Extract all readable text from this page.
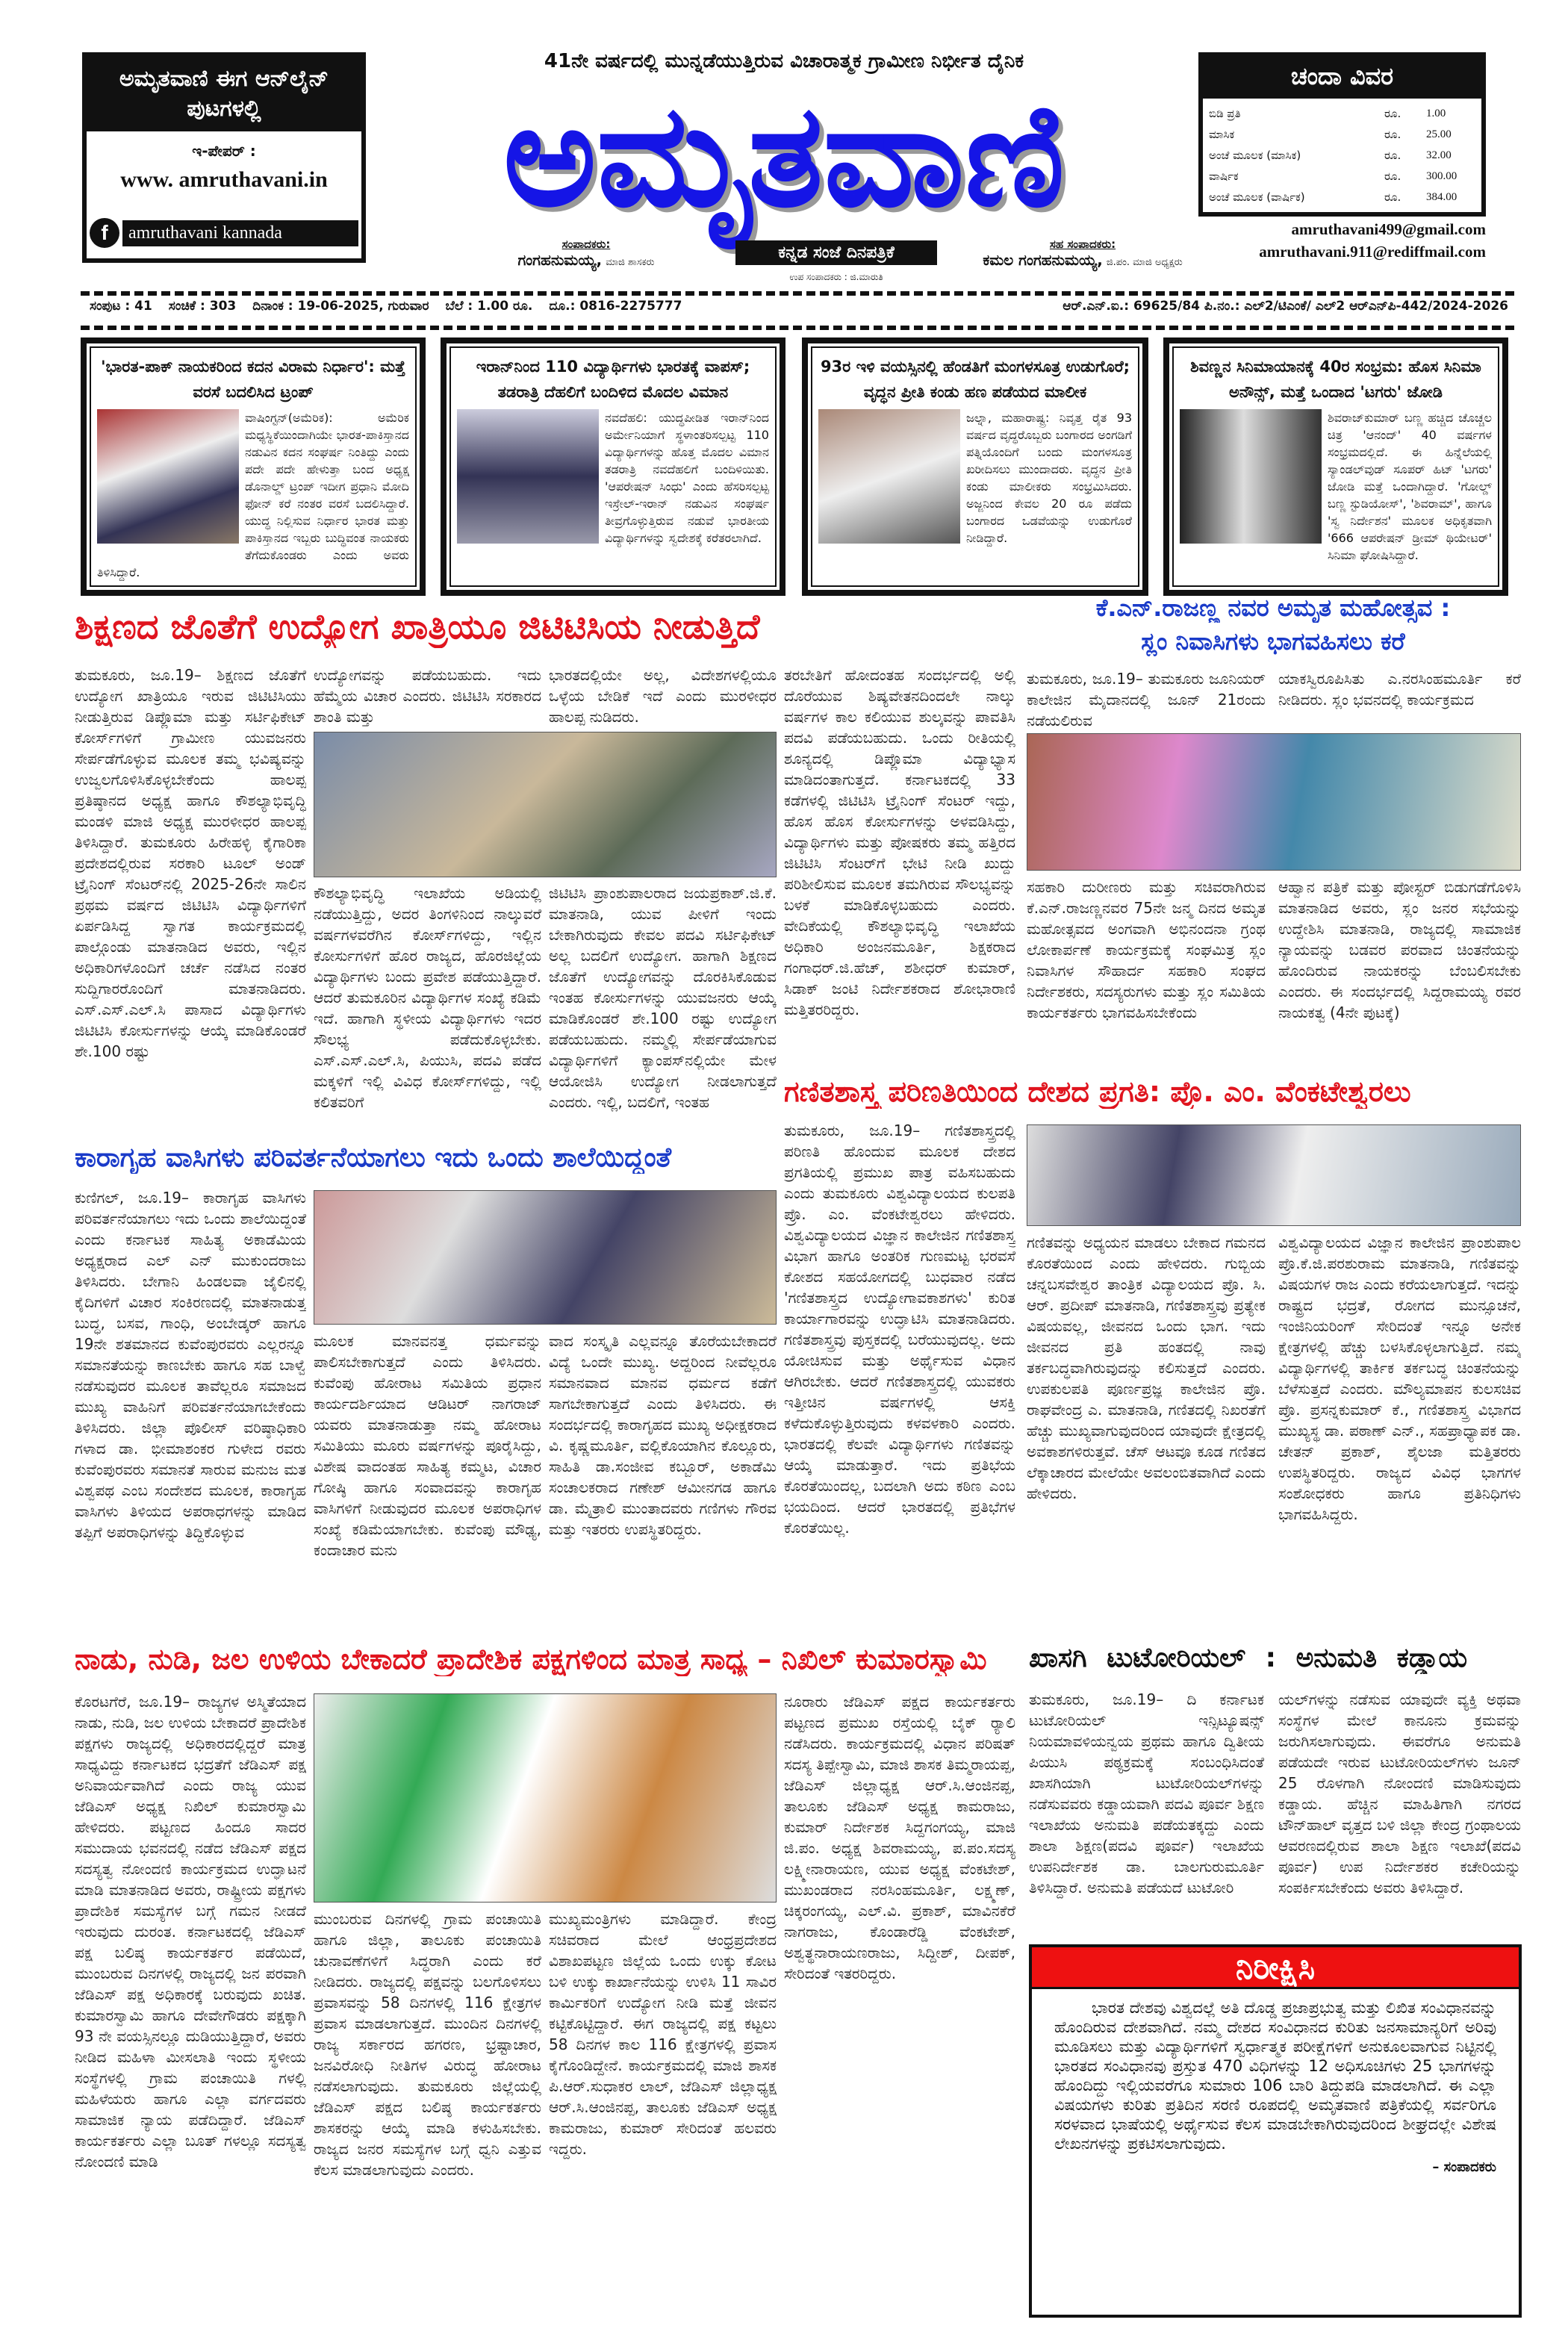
ಅಮೃತವಾಣಿ ಈಗ ಆನ್‌ಲೈನ್ ಪುಟಗಳಲ್ಲಿ
ಇ-ಪೇಪರ್ :
www. amruthavani.in
f	amruthavani kannada
41ನೇ ವರ್ಷದಲ್ಲಿ ಮುನ್ನಡೆಯುತ್ತಿರುವ ವಿಚಾರಾತ್ಮಕ ಗ್ರಾಮೀಣ ನಿರ್ಭೀತ ದೈನಿಕ
ಅಮೃತವಾಣಿ
ಸಂಪಾದಕರು:
ಗಂಗಹನುಮಯ್ಯ, ಮಾಜಿ ಶಾಸಕರು
ಕನ್ನಡ ಸಂಜೆ ದಿನಪತ್ರಿಕೆ
ಉಪ ಸಂಪಾದಕರು : ಜಿ.ಮಾರುತಿ
ಸಹ ಸಂಪಾದಕರು:
ಕಮಲ ಗಂಗಹನುಮಯ್ಯ, ಜಿ.ಪಂ. ಮಾಜಿ ಅಧ್ಯಕ್ಷರು
ಚಂದಾ ವಿವರ
ಬಿಡಿ ಪ್ರತಿ	ರೂ.	1.00
ಮಾಸಿಕ	ರೂ.	25.00
ಅಂಚೆ ಮೂಲಕ (ಮಾಸಿಕ)	ರೂ.	32.00
ವಾರ್ಷಿಕ	ರೂ.	300.00
ಅಂಚೆ ಮೂಲಕ (ವಾರ್ಷಿಕ)	ರೂ.	384.00
amruthavani499@gmail.com
amruthavani.911@rediffmail.com
ಸಂಪುಟ : 41 ಸಂಚಿಕೆ : 303 ದಿನಾಂಕ : 19-06-2025, ಗುರುವಾರ ಬೆಲೆ : 1.00 ರೂ. ದೂ.: 0816-2275777	ಆರ್.ಎನ್.ಐ.: 69625/84 ಪಿ.ನಂ.: ಎಲ್2/ಟಿಎಂಕೆ/ ಎಲ್2 ಆರ್‌ಎನ್‌ಪಿ-442/2024-2026
'ಭಾರತ-ಪಾಕ್ ನಾಯಕರಿಂದ ಕದನ ವಿರಾಮ ನಿರ್ಧಾರ': ಮತ್ತೆ ವರಸೆ ಬದಲಿಸಿದ ಟ್ರಂಪ್
ವಾಷಿಂಗ್ಟನ್(ಅಮೆರಿಕ): ಅಮೆರಿಕ ಮಧ್ಯಸ್ಥಿಕೆಯಿಂದಾಗಿಯೇ ಭಾರತ-ಪಾಕಿಸ್ತಾನದ ನಡುವಿನ ಕದನ ಸಂಘರ್ಷ ನಿಂತಿದ್ದು ಎಂದು ಪದೇ ಪದೇ ಹೇಳುತ್ತಾ ಬಂದ ಅಧ್ಯಕ್ಷ ಡೊನಾಲ್ಡ್ ಟ್ರಂಪ್ ಇದೀಗ ಪ್ರಧಾನಿ ಮೋದಿ ಫೋನ್ ಕರೆ ನಂತರ ವರಸೆ ಬದಲಿಸಿದ್ದಾರೆ. ಯುದ್ಧ ನಿಲ್ಲಿಸುವ ನಿರ್ಧಾರ ಭಾರತ ಮತ್ತು ಪಾಕಿಸ್ತಾನದ ಇಬ್ಬರು ಬುದ್ಧಿವಂತ ನಾಯಕರು ತೆಗೆದುಕೊಂಡರು ಎಂದು ಅವರು ತಿಳಿಸಿದ್ದಾರೆ.
ಇರಾನ್‌ನಿಂದ 110 ವಿದ್ಯಾರ್ಥಿಗಳು ಭಾರತಕ್ಕೆ ವಾಪಸ್; ತಡರಾತ್ರಿ ದೆಹಲಿಗೆ ಬಂದಿಳಿದ ಮೊದಲ ವಿಮಾನ
ನವದೆಹಲಿ: ಯುದ್ಧಪೀಡಿತ ಇರಾನ್‌ನಿಂದ ಅರ್ಮೇನಿಯಾಗೆ ಸ್ಥಳಾಂತರಿಸಲ್ಪಟ್ಟ 110 ವಿದ್ಯಾರ್ಥಿಗಳನ್ನು ಹೊತ್ತ ಮೊದಲ ವಿಮಾನ ತಡರಾತ್ರಿ ನವದೆಹಲಿಗೆ ಬಂದಿಳಿಯಿತು. 'ಆಪರೇಷನ್ ಸಿಂಧು' ಎಂದು ಹೆಸರಿಸಲ್ಪಟ್ಟ ಇಸ್ರೇಲ್-ಇರಾನ್ ನಡುವಿನ ಸಂಘರ್ಷ ತೀವ್ರಗೊಳ್ಳುತ್ತಿರುವ ನಡುವೆ ಭಾರತೀಯ ವಿದ್ಯಾರ್ಥಿಗಳನ್ನು ಸ್ವದೇಶಕ್ಕೆ ಕರೆತರಲಾಗಿದೆ.
93ರ ಇಳಿ ವಯಸ್ಸಿನಲ್ಲಿ ಹೆಂಡತಿಗೆ ಮಂಗಳಸೂತ್ರ ಉಡುಗೊರೆ; ವೃದ್ಧನ ಪ್ರೀತಿ ಕಂಡು ಹಣ ಪಡೆಯದ ಮಾಲೀಕ
ಜಲ್ನಾ, ಮಹಾರಾಷ್ಟ್ರ: ನಿವೃತ್ತ ರೈತ 93 ವರ್ಷದ ವೃದ್ಧರೊಬ್ಬರು ಬಂಗಾರದ ಅಂಗಡಿಗೆ ಪತ್ನಿಯೊಂದಿಗೆ ಬಂದು ಮಂಗಳಸೂತ್ರ ಖರೀದಿಸಲು ಮುಂದಾದರು. ವೃದ್ಧನ ಪ್ರೀತಿ ಕಂಡು ಮಾಲೀಕರು ಸಂಭ್ರಮಿಸಿದರು. ಅಜ್ಜನಿಂದ ಕೇವಲ 20 ರೂ ಪಡೆದು ಬಂಗಾರದ ಒಡವೆಯನ್ನು ಉಡುಗೊರೆ ನೀಡಿದ್ದಾರೆ.
ಶಿವಣ್ಣನ ಸಿನಿಮಾಯಾನಕ್ಕೆ 40ರ ಸಂಭ್ರಮ: ಹೊಸ ಸಿನಿಮಾ ಅನೌನ್ಸ್, ಮತ್ತೆ ಒಂದಾದ 'ಟಗರು' ಜೋಡಿ
ಶಿವರಾಜ್‌ಕುಮಾರ್ ಬಣ್ಣ ಹಚ್ಚಿದ ಚೊಚ್ಚಲ ಚಿತ್ರ 'ಆನಂದ್' 40 ವರ್ಷಗಳ ಸಂಭ್ರಮದಲ್ಲಿದೆ. ಈ ಹಿನ್ನೆಲೆಯಲ್ಲಿ ಸ್ಯಾಂಡಲ್‌ವುಡ್ ಸೂಪರ್ ಹಿಟ್ 'ಟಗರು' ಜೋಡಿ ಮತ್ತೆ ಒಂದಾಗಿದ್ದಾರೆ. 'ಗೋಲ್ಡ್ ಬಣ್ಣ ಸ್ಟುಡಿಯೋಸ್', 'ಶಿವರಾಮ್', ಹಾಗೂ 'ಸ್ವ ನಿರ್ದೇಶನ' ಮೂಲಕ ಅಧಿಕೃತವಾಗಿ '666 ಆಪರೇಷನ್ ಡ್ರೀಮ್ ಥಿಯೇಟರ್' ಸಿನಿಮಾ ಘೋಷಿಸಿದ್ದಾರೆ.
ಶಿಕ್ಷಣದ ಜೊತೆಗೆ ಉದ್ಯೋಗ ಖಾತ್ರಿಯೂ ಜಿಟಿಟಿಸಿಯ ನೀಡುತ್ತಿದೆ
ತುಮಕೂರು, ಜೂ.19– ಶಿಕ್ಷಣದ ಜೊತೆಗೆ ಉದ್ಯೋಗ ಖಾತ್ರಿಯೂ ಇರುವ ಜಿಟಿಟಿಸಿಯು ನೀಡುತ್ತಿರುವ ಡಿಪ್ಲೊಮಾ ಮತ್ತು ಸರ್ಟಿಫಿಕೇಟ್ ಕೋರ್ಸ್‌ಗಳಿಗೆ ಗ್ರಾಮೀಣ ಯುವಜನರು ಸೇರ್ಪಡೆಗೊಳ್ಳುವ ಮೂಲಕ ತಮ್ಮ ಭವಿಷ್ಯವನ್ನು ಉಜ್ವಲಗೊಳಿಸಿಕೊಳ್ಳಬೇಕೆಂದು ಹಾಲಪ್ಪ ಪ್ರತಿಷ್ಠಾನದ ಅಧ್ಯಕ್ಷ ಹಾಗೂ ಕೌಶಲ್ಯಾಭಿವೃದ್ಧಿ ಮಂಡಳಿ ಮಾಜಿ ಅಧ್ಯಕ್ಷ ಮುರಳೀಧರ ಹಾಲಪ್ಪ ತಿಳಿಸಿದ್ದಾರೆ. ತುಮಕೂರು ಹಿರೇಹಳ್ಳಿ ಕೈಗಾರಿಕಾ ಪ್ರದೇಶದಲ್ಲಿರುವ ಸರಕಾರಿ ಟೂಲ್ ಅಂಡ್ ಟ್ರೈನಿಂಗ್ ಸೆಂಟರ್‌ನಲ್ಲಿ 2025-26ನೇ ಸಾಲಿನ ಪ್ರಥಮ ವರ್ಷದ ಜಿಟಿಟಿಸಿ ವಿದ್ಯಾರ್ಥಿಗಳಿಗೆ ಏರ್ಪಡಿಸಿದ್ದ ಸ್ವಾಗತ ಕಾರ್ಯಕ್ರಮದಲ್ಲಿ ಪಾಲ್ಗೊಂಡು ಮಾತನಾಡಿದ ಅವರು, ಇಲ್ಲಿನ ಅಧಿಕಾರಿಗಳೊಂದಿಗೆ ಚರ್ಚೆ ನಡೆಸಿದ ನಂತರ ಸುದ್ದಿಗಾರರೊಂದಿಗೆ ಮಾತನಾಡಿದರು. ಎಸ್.ಎಸ್.ಎಲ್.ಸಿ ಪಾಸಾದ ವಿದ್ಯಾರ್ಥಿಗಳು ಜಿಟಿಟಿಸಿ ಕೋರ್ಸುಗಳನ್ನು ಆಯ್ಕೆ ಮಾಡಿಕೊಂಡರೆ ಶೇ.100 ರಷ್ಟು
ಉದ್ಯೋಗವನ್ನು ಪಡೆಯಬಹುದು. ಇದು ಹೆಮ್ಮೆಯ ವಿಚಾರ ಎಂದರು. ಜಿಟಿಟಿಸಿ ಸರಕಾರದ ಶಾಂತಿ ಮತ್ತು
ಭಾರತದಲ್ಲಿಯೇ ಅಲ್ಲ, ವಿದೇಶಗಳಲ್ಲಿಯೂ ಒಳ್ಳೆಯ ಬೇಡಿಕೆ ಇದೆ ಎಂದು ಮುರಳೀಧರ ಹಾಲಪ್ಪ ನುಡಿದರು.
ಕೌಶಲ್ಯಾಭಿವೃದ್ಧಿ ಇಲಾಖೆಯ ಅಡಿಯಲ್ಲಿ ನಡೆಯುತ್ತಿದ್ದು, ಅದರ ತಿಂಗಳಿನಿಂದ ನಾಲ್ಕುವರೆ ವರ್ಷಗಳವರೆಗಿನ ಕೋರ್ಸ್‌ಗಳಿದ್ದು, ಇಲ್ಲಿನ ಕೋರ್ಸುಗಳಿಗೆ ಹೊರ ರಾಜ್ಯದ, ಹೊರಜಿಲ್ಲೆಯ ವಿದ್ಯಾರ್ಥಿಗಳು ಬಂದು ಪ್ರವೇಶ ಪಡೆಯುತ್ತಿದ್ದಾರೆ. ಆದರೆ ತುಮಕೂರಿನ ವಿದ್ಯಾರ್ಥಿಗಳ ಸಂಖ್ಯೆ ಕಡಿಮೆ ಇದೆ. ಹಾಗಾಗಿ ಸ್ಥಳೀಯ ವಿದ್ಯಾರ್ಥಿಗಳು ಇದರ ಸೌಲಭ್ಯ ಪಡೆದುಕೊಳ್ಳಬೇಕು. ಎಸ್.ಎಸ್.ಎಲ್.ಸಿ, ಪಿಯುಸಿ, ಪದವಿ ಪಡೆದ ಮಕ್ಕಳಿಗೆ ಇಲ್ಲಿ ವಿವಿಧ ಕೋರ್ಸ್‌ಗಳಿದ್ದು, ಇಲ್ಲಿ ಕಲಿತವರಿಗೆ
ಜಿಟಿಟಿಸಿ ಪ್ರಾಂಶುಪಾಲರಾದ ಜಯಪ್ರಕಾಶ್.ಜಿ.ಕೆ. ಮಾತನಾಡಿ, ಯುವ ಪೀಳಿಗೆ ಇಂದು ಬೇಕಾಗಿರುವುದು ಕೇವಲ ಪದವಿ ಸರ್ಟಿಫಿಕೇಟ್ ಅಲ್ಲ ಬದಲಿಗೆ ಉದ್ಯೋಗ. ಹಾಗಾಗಿ ಶಿಕ್ಷಣದ ಜೊತೆಗೆ ಉದ್ಯೋಗವನ್ನು ದೊರಕಿಸಿಕೊಡುವ ಇಂತಹ ಕೋರ್ಸುಗಳನ್ನು ಯುವಜನರು ಆಯ್ಕೆ ಮಾಡಿಕೊಂಡರೆ ಶೇ.100 ರಷ್ಟು ಉದ್ಯೋಗ ಪಡೆಯಬಹುದು. ನಮ್ಮಲ್ಲಿ ಸೇರ್ಪಡೆಯಾಗುವ ವಿದ್ಯಾರ್ಥಿಗಳಿಗೆ ಕ್ಯಾಂಪಸ್‌ನಲ್ಲಿಯೇ ಮೇಳ ಆಯೋಜಿಸಿ ಉದ್ಯೋಗ ನೀಡಲಾಗುತ್ತದೆ ಎಂದರು. ಇಲ್ಲಿ, ಬದಲಿಗೆ, ಇಂತಹ
ತರಬೇತಿಗೆ ಹೋದಂತಹ ಸಂದರ್ಭದಲ್ಲಿ ಅಲ್ಲಿ ದೊರೆಯುವ ಶಿಷ್ಯವೇತನದಿಂದಲೇ ನಾಲ್ಕು ವರ್ಷಗಳ ಕಾಲ ಕಲಿಯುವ ಶುಲ್ಕವನ್ನು ಪಾವತಿಸಿ ಪದವಿ ಪಡೆಯಬಹುದು. ಒಂದು ರೀತಿಯಲ್ಲಿ ಶೂನ್ಯದಲ್ಲಿ ಡಿಪ್ಲೊಮಾ ವಿದ್ಯಾಭ್ಯಾಸ ಮಾಡಿದಂತಾಗುತ್ತದೆ. ಕರ್ನಾಟಕದಲ್ಲಿ 33 ಕಡೆಗಳಲ್ಲಿ ಜಿಟಿಟಿಸಿ ಟ್ರೈನಿಂಗ್ ಸೆಂಟರ್ ಇದ್ದು, ಹೊಸ ಹೊಸ ಕೋರ್ಸುಗಳನ್ನು ಅಳವಡಿಸಿದ್ದು, ವಿದ್ಯಾರ್ಥಿಗಳು ಮತ್ತು ಪೋಷಕರು ತಮ್ಮ ಹತ್ತಿರದ ಜಿಟಿಟಿಸಿ ಸೆಂಟರ್‌ಗೆ ಭೇಟಿ ನೀಡಿ ಖುದ್ದು ಪರಿಶೀಲಿಸುವ ಮೂಲಕ ತಮಗಿರುವ ಸೌಲಭ್ಯವನ್ನು ಬಳಕೆ ಮಾಡಿಕೊಳ್ಳಬಹುದು ಎಂದರು. ವೇದಿಕೆಯಲ್ಲಿ ಕೌಶಲ್ಯಾಭಿವೃದ್ಧಿ ಇಲಾಖೆಯ ಅಧಿಕಾರಿ ಅಂಜನಮೂರ್ತಿ, ಶಿಕ್ಷಕರಾದ ಗಂಗಾಧರ್.ಜಿ.ಹೆಚ್, ಶಶೀಧರ್ ಕುಮಾರ್, ಸಿಡಾಕ್ ಜಂಟಿ ನಿರ್ದೇಶಕರಾದ ಶೋಭಾರಾಣಿ ಮತ್ತಿತರರಿದ್ದರು.
ಕಾರಾಗೃಹ ವಾಸಿಗಳು ಪರಿವರ್ತನೆಯಾಗಲು ಇದು ಒಂದು ಶಾಲೆಯಿದ್ದಂತೆ
ಕುಣಿಗಲ್, ಜೂ.19– ಕಾರಾಗೃಹ ವಾಸಿಗಳು ಪರಿವರ್ತನೆಯಾಗಲು ಇದು ಒಂದು ಶಾಲೆಯಿದ್ದಂತೆ ಎಂದು ಕರ್ನಾಟಕ ಸಾಹಿತ್ಯ ಅಕಾಡೆಮಿಯ ಅಧ್ಯಕ್ಷರಾದ ಎಲ್ ಎನ್ ಮುಕುಂದರಾಜು ತಿಳಿಸಿದರು. ಬೇಗಾನಿ ಹಿಂಡಲವಾ ಜೈಲಿನಲ್ಲಿ ಕೈದಿಗಳಿಗೆ ವಿಚಾರ ಸಂಕಿರಣದಲ್ಲಿ ಮಾತನಾಡುತ್ತ ಬುದ್ಧ, ಬಸವ, ಗಾಂಧಿ, ಅಂಬೇಡ್ಕರ್ ಹಾಗೂ 19ನೇ ಶತಮಾನದ ಕುವೆಂಪುರವರು ಎಲ್ಲರನ್ನೂ ಸಮಾನತೆಯನ್ನು ಕಾಣಬೇಕು ಹಾಗೂ ಸಹ ಬಾಳ್ವೆ ನಡೆಸುವುದರ ಮೂಲಕ ತಾವೆಲ್ಲರೂ ಸಮಾಜದ ಮುಖ್ಯ ವಾಹಿನಿಗೆ ಪರಿವರ್ತನೆಯಾಗಬೇಕೆಂದು ತಿಳಿಸಿದರು. ಜಿಲ್ಲಾ ಪೊಲೀಸ್ ವರಿಷ್ಠಾಧಿಕಾರಿ ಗಳಾದ ಡಾ. ಭೀಮಾಶಂಕರ ಗುಳೇದ ರವರು ಕುವೆಂಪುರವರು ಸಮಾನತೆ ಸಾರುವ ಮನುಜ ಮತ ವಿಶ್ವಪಥ ಎಂಬ ಸಂದೇಶದ ಮೂಲಕ, ಕಾರಾಗೃಹ ವಾಸಿಗಳು ತಿಳಿಯದ ಅಪರಾಧಗಳನ್ನು ಮಾಡಿದ ತಪ್ಪಿಗೆ ಅಪರಾಧಿಗಳನ್ನು ತಿದ್ದಿಕೊಳ್ಳುವ
ಮೂಲಕ ಮಾನವನತ್ತ ಧರ್ಮವನ್ನು ಪಾಲಿಸಬೇಕಾಗುತ್ತದೆ ಎಂದು ತಿಳಿಸಿದರು. ಕುವೆಂಪು ಹೋರಾಟ ಸಮಿತಿಯ ಪ್ರಧಾನ ಕಾರ್ಯದರ್ಶಿಯಾದ ಆಡಿಟರ್ ನಾಗರಾಜ್ ಯವರು ಮಾತನಾಡುತ್ತಾ ನಮ್ಮ ಹೋರಾಟ ಸಮಿತಿಯು ಮೂರು ವರ್ಷಗಳನ್ನು ಪೂರೈಸಿದ್ದು, ವಿಶೇಷ ವಾದಂತಹ ಸಾಹಿತ್ಯ ಕಮ್ಮಟ, ವಿಚಾರ ಗೋಷ್ಠಿ ಹಾಗೂ ಸಂವಾದವನ್ನು ಕಾರಾಗೃಹ ವಾಸಿಗಳಿಗೆ ನೀಡುವುದರ ಮೂಲಕ ಅಪರಾಧಿಗಳ ಸಂಖ್ಯೆ ಕಡಿಮೆಯಾಗಬೇಕು. ಕುವೆಂಪು ಮೌಢ್ಯ, ಕಂದಾಚಾರ ಮನು
ವಾದ ಸಂಸ್ಕೃತಿ ಎಲ್ಲವನ್ನೂ ತೊರೆಯಬೇಕಾದರೆ ವಿದ್ಯೆ ಒಂದೇ ಮುಖ್ಯ. ಅದ್ದರಿಂದ ನೀವೆಲ್ಲರೂ ಸಮಾನವಾದ ಮಾನವ ಧರ್ಮದ ಕಡೆಗೆ ಸಾಗಬೇಕಾಗುತ್ತದೆ ಎಂದು ತಿಳಿಸಿದರು. ಈ ಸಂದರ್ಭದಲ್ಲಿ ಕಾರಾಗೃಹದ ಮುಖ್ಯ ಅಧೀಕ್ಷಕರಾದ ವಿ. ಕೃಷ್ಣಮೂರ್ತಿ, ವಲ್ಲಿಕೊಯಾಗಿನ ಕೊಲ್ಲೂರು, ಸಾಹಿತಿ ಡಾ.ಸಂಜೀವ ಕಬ್ಬೂರ್, ಅಕಾಡೆಮಿ ಸಂಚಾಲಕರಾದ ಗಣೇಶ್ ಆಮೀನಗಡ ಹಾಗೂ ಡಾ. ಮೈತ್ರಾಲಿ ಮುಂತಾದವರು ಗಣಿಗಳು ಗೌರವ ಮತ್ತು ಇತರರು ಉಪಸ್ಥಿತರಿದ್ದರು.
ಕೆ.ಎನ್.ರಾಜಣ್ಣ ನವರ ಅಮೃತ ಮಹೋತ್ಸವ :
ಸ್ಲಂ ನಿವಾಸಿಗಳು ಭಾಗವಹಿಸಲು ಕರೆ
ತುಮಕೂರು, ಜೂ.19– ತುಮಕೂರು ಜೂನಿಯರ್ ಕಾಲೇಜಿನ ಮೈದಾನದಲ್ಲಿ ಜೂನ್ 21ರಂದು ನಡೆಯಲಿರುವ
ಯಾಕಸ್ವಿರೂಪಿಸಿತು ಎ.ನರಸಿಂಹಮೂರ್ತಿ ಕರೆ ನೀಡಿದರು. ಸ್ಲಂ ಭವನದಲ್ಲಿ ಕಾರ್ಯಕ್ರಮದ
ಸಹಕಾರಿ ದುರೀಣರು ಮತ್ತು ಸಚಿವರಾಗಿರುವ ಕೆ.ಎನ್.ರಾಜಣ್ಣನವರ 75ನೇ ಜನ್ಮ ದಿನದ ಅಮೃತ ಮಹೋತ್ಸವದ ಅಂಗವಾಗಿ ಅಭಿನಂದನಾ ಗ್ರಂಥ ಲೋಕಾರ್ಪಣೆ ಕಾರ್ಯಕ್ರಮಕ್ಕೆ ಸಂಘಮಿತ್ರ ಸ್ಲಂ ನಿವಾಸಿಗಳ ಸೌಹಾರ್ದ ಸಹಕಾರಿ ಸಂಘದ ನಿರ್ದೇಶಕರು, ಸದಸ್ಯರುಗಳು ಮತ್ತು ಸ್ಲಂ ಸಮಿತಿಯ ಕಾರ್ಯಕರ್ತರು ಭಾಗವಹಿಸಬೇಕೆಂದು
ಆಹ್ವಾನ ಪತ್ರಿಕೆ ಮತ್ತು ಪೋಸ್ಟರ್ ಬಿಡುಗಡೆಗೊಳಿಸಿ ಮಾತನಾಡಿದ ಅವರು, ಸ್ಲಂ ಜನರ ಸಭೆಯನ್ನು ಉದ್ದೇಶಿಸಿ ಮಾತನಾಡಿ, ರಾಜ್ಯದಲ್ಲಿ ಸಾಮಾಜಿಕ ನ್ಯಾಯವನ್ನು ಬಡವರ ಪರವಾದ ಚಿಂತನೆಯನ್ನು ಹೊಂದಿರುವ ನಾಯಕರನ್ನು ಬೆಂಬಲಿಸಬೇಕು ಎಂದರು. ಈ ಸಂದರ್ಭದಲ್ಲಿ ಸಿದ್ದರಾಮಯ್ಯ ರವರ ನಾಯಕತ್ವ (4ನೇ ಪುಟಕ್ಕೆ)
ಗಣಿತಶಾಸ್ತ್ರ ಪರಿಣತಿಯಿಂದ ದೇಶದ ಪ್ರಗತಿ: ಪ್ರೊ. ಎಂ. ವೆಂಕಟೇಶ್ವರಲು
ತುಮಕೂರು, ಜೂ.19– ಗಣಿತಶಾಸ್ತ್ರದಲ್ಲಿ ಪರಿಣತಿ ಹೊಂದುವ ಮೂಲಕ ದೇಶದ ಪ್ರಗತಿಯಲ್ಲಿ ಪ್ರಮುಖ ಪಾತ್ರ ವಹಿಸಬಹುದು ಎಂದು ತುಮಕೂರು ವಿಶ್ವವಿದ್ಯಾಲಯದ ಕುಲಪತಿ ಪ್ರೊ. ಎಂ. ವೆಂಕಟೇಶ್ವರಲು ಹೇಳಿದರು. ವಿಶ್ವವಿದ್ಯಾಲಯದ ವಿಜ್ಞಾನ ಕಾಲೇಜಿನ ಗಣಿತಶಾಸ್ತ್ರ ವಿಭಾಗ ಹಾಗೂ ಅಂತರಿಕ ಗುಣಮಟ್ಟ ಭರವಸೆ ಕೋಶದ ಸಹಯೋಗದಲ್ಲಿ ಬುಧವಾರ ನಡೆದ 'ಗಣಿತಶಾಸ್ತ್ರದ ಉದ್ಯೋಗಾವಕಾಶಗಳು' ಕುರಿತ ಕಾರ್ಯಾಗಾರವನ್ನು ಉದ್ಘಾಟಿಸಿ ಮಾತನಾಡಿದರು. ಗಣಿತಶಾಸ್ತ್ರವು ಪುಸ್ತಕದಲ್ಲಿ ಬರೆಯುವುದಲ್ಲ. ಅದು ಯೋಚಿಸುವ ಮತ್ತು ಅರ್ಥೈಸುವ ವಿಧಾನ ಆಗಿರಬೇಕು. ಆದರೆ ಗಣಿತಶಾಸ್ತ್ರದಲ್ಲಿ ಯುವಕರು ಇತ್ತೀಚಿನ ವರ್ಷಗಳಲ್ಲಿ ಆಸಕ್ತಿ ಕಳೆದುಕೊಳ್ಳುತ್ತಿರುವುದು ಕಳವಳಕಾರಿ ಎಂದರು. ಭಾರತದಲ್ಲಿ ಕೆಲವೇ ವಿದ್ಯಾರ್ಥಿಗಳು ಗಣಿತವನ್ನು ಆಯ್ಕೆ ಮಾಡುತ್ತಾರೆ. ಇದು ಪ್ರತಿಭೆಯ ಕೊರತೆಯಿಂದಲ್ಲ, ಬದಲಾಗಿ ಅದು ಕಠಿಣ ಎಂಬ ಭಯದಿಂದ. ಆದರೆ ಭಾರತದಲ್ಲಿ ಪ್ರತಿಭೆಗಳ ಕೊರತೆಯಿಲ್ಲ.
ಗಣಿತವನ್ನು ಅಧ್ಯಯನ ಮಾಡಲು ಬೇಕಾದ ಗಮನದ ಕೊರತೆಯಿಂದ ಎಂದು ಹೇಳಿದರು. ಗುಬ್ಬಿಯ ಚನ್ನಬಸವೇಶ್ವರ ತಾಂತ್ರಿಕ ವಿದ್ಯಾಲಯದ ಪ್ರೊ. ಸಿ. ಆರ್. ಪ್ರದೀಪ್ ಮಾತನಾಡಿ, ಗಣಿತಶಾಸ್ತ್ರವು ಪ್ರತ್ಯೇಕ ವಿಷಯವಲ್ಲ, ಜೀವನದ ಒಂದು ಭಾಗ. ಇದು ಜೀವನದ ಪ್ರತಿ ಹಂತದಲ್ಲಿ ನಾವು ತರ್ಕಬದ್ಧವಾಗಿರುವುದನ್ನು ಕಲಿಸುತ್ತದೆ ಎಂದರು. ಉಪಕುಲಪತಿ ಪೂರ್ಣಪ್ರಜ್ಞ ಕಾಲೇಜಿನ ಪ್ರೊ. ರಾಘವೇಂದ್ರ ಎ. ಮಾತನಾಡಿ, ಗಣಿತದಲ್ಲಿ ನಿಖರತೆಗೆ ಹೆಚ್ಚು ಮುಖ್ಯವಾಗುವುದರಿಂದ ಯಾವುದೇ ಕ್ಷೇತ್ರದಲ್ಲಿ ಅವಕಾಶಗಳಿರುತ್ತವೆ. ಚೆಸ್ ಆಟವೂ ಕೂಡ ಗಣಿತದ ಲೆಕ್ಕಾಚಾರದ ಮೇಲೆಯೇ ಅವಲಂಬಿತವಾಗಿದೆ ಎಂದು ಹೇಳಿದರು.
ವಿಶ್ವವಿದ್ಯಾಲಯದ ವಿಜ್ಞಾನ ಕಾಲೇಜಿನ ಪ್ರಾಂಶುಪಾಲ ಪ್ರೊ.ಕೆ.ಜಿ.ಪರಶುರಾಮ ಮಾತನಾಡಿ, ಗಣಿತವನ್ನು ವಿಷಯಗಳ ರಾಜ ಎಂದು ಕರೆಯಲಾಗುತ್ತದೆ. ಇದನ್ನು ರಾಷ್ಟ್ರದ ಭದ್ರತೆ, ರೋಗದ ಮುನ್ಸೂಚನೆ, ಇಂಜಿನಿಯರಿಂಗ್ ಸೇರಿದಂತೆ ಇನ್ನೂ ಅನೇಕ ಕ್ಷೇತ್ರಗಳಲ್ಲಿ ಹೆಚ್ಚು ಬಳಸಿಕೊಳ್ಳಲಾಗುತ್ತಿದೆ. ನಮ್ಮ ವಿದ್ಯಾರ್ಥಿಗಳಲ್ಲಿ ತಾರ್ಕಿಕ ತರ್ಕಬದ್ಧ ಚಿಂತನೆಯನ್ನು ಬೆಳೆಸುತ್ತದೆ ಎಂದರು. ಮೌಲ್ಯಮಾಪನ ಕುಲಸಚಿವ ಪ್ರೊ. ಪ್ರಸನ್ನಕುಮಾರ್ ಕೆ., ಗಣಿತಶಾಸ್ತ್ರ ವಿಭಾಗದ ಮುಖ್ಯಸ್ಥ ಡಾ. ಪಠಾಣ್ ಎನ್., ಸಹಪ್ರಾಧ್ಯಾಪಕ ಡಾ. ಚೇತನ್ ಪ್ರಕಾಶ್, ಶೈಲಜಾ ಮತ್ತಿತರರು ಉಪಸ್ಥಿತರಿದ್ದರು. ರಾಜ್ಯದ ವಿವಿಧ ಭಾಗಗಳ ಸಂಶೋಧಕರು ಹಾಗೂ ಪ್ರತಿನಿಧಿಗಳು ಭಾಗವಹಿಸಿದ್ದರು.
ನಾಡು, ನುಡಿ, ಜಲ ಉಳಿಯ ಬೇಕಾದರೆ ಪ್ರಾದೇಶಿಕ ಪಕ್ಷಗಳಿಂದ ಮಾತ್ರ ಸಾಧ್ಯ – ನಿಖಿಲ್ ಕುಮಾರಸ್ವಾಮಿ
ಕೊರಟಗೆರೆ, ಜೂ.19– ರಾಜ್ಯಗಳ ಅಸ್ಮಿತೆಯಾದ ನಾಡು, ನುಡಿ, ಜಲ ಉಳಿಯ ಬೇಕಾದರೆ ಪ್ರಾದೇಶಿಕ ಪಕ್ಷಗಳು ರಾಜ್ಯದಲ್ಲಿ ಅಧಿಕಾರದಲ್ಲಿದ್ದರೆ ಮಾತ್ರ ಸಾಧ್ಯವಿದ್ದು ಕರ್ನಾಟಕದ ಭದ್ರತೆಗೆ ಜೆಡಿಎಸ್ ಪಕ್ಷ ಅನಿವಾರ್ಯವಾಗಿದೆ ಎಂದು ರಾಜ್ಯ ಯುವ ಜೆಡಿಎಸ್ ಅಧ್ಯಕ್ಷ ನಿಖಿಲ್ ಕುಮಾರಸ್ವಾಮಿ ಹೇಳಿದರು. ಪಟ್ಟಣದ ಹಿಂದೂ ಸಾದರ ಸಮುದಾಯ ಭವನದಲ್ಲಿ ನಡೆದ ಜೆಡಿಎಸ್ ಪಕ್ಷದ ಸದಸ್ಯತ್ವ ನೋಂದಣಿ ಕಾರ್ಯಕ್ರಮದ ಉದ್ಘಾಟನೆ ಮಾಡಿ ಮಾತನಾಡಿದ ಅವರು, ರಾಷ್ಟ್ರೀಯ ಪಕ್ಷಗಳು ಪ್ರಾದೇಶಿಕ ಸಮಸ್ಯೆಗಳ ಬಗ್ಗೆ ಗಮನ ನೀಡದೆ ಇರುವುದು ದುರಂತ. ಕರ್ನಾಟಕದಲ್ಲಿ ಜೆಡಿಎಸ್ ಪಕ್ಷ ಬಲಿಷ್ಠ ಕಾರ್ಯಕರ್ತರ ಪಡೆಯಿದೆ, ಮುಂಬರುವ ದಿನಗಳಲ್ಲಿ ರಾಜ್ಯದಲ್ಲಿ ಜನ ಪರವಾಗಿ ಜೆಡಿಎಸ್ ಪಕ್ಷ ಅಧಿಕಾರಕ್ಕೆ ಬರುವುದು ಖಚಿತ. ಕುಮಾರಸ್ವಾಮಿ ಹಾಗೂ ದೇವೇಗೌಡರು ಪಕ್ಷಕ್ಕಾಗಿ 93 ನೇ ವಯಸ್ಸಿನಲ್ಲೂ ದುಡಿಯುತ್ತಿದ್ದಾರೆ, ಅವರು ನೀಡಿದ ಮಹಿಳಾ ಮೀಸಲಾತಿ ಇಂದು ಸ್ಥಳೀಯ ಸಂಸ್ಥೆಗಳಲ್ಲಿ ಗ್ರಾಮ ಪಂಚಾಯಿತಿ ಗಳಲ್ಲಿ ಮಹಿಳೆಯರು ಹಾಗೂ ಎಲ್ಲಾ ವರ್ಗದವರು ಸಾಮಾಜಿಕ ನ್ಯಾಯ ಪಡೆದಿದ್ದಾರೆ. ಜೆಡಿಎಸ್ ಕಾರ್ಯಕರ್ತರು ಎಲ್ಲಾ ಬೂತ್ ಗಳಲ್ಲೂ ಸದಸ್ಯತ್ವ ನೋಂದಣಿ ಮಾಡಿ
ಮುಂಬರುವ ದಿನಗಳಲ್ಲಿ ಗ್ರಾಮ ಪಂಚಾಯಿತಿ ಹಾಗೂ ಜಿಲ್ಲಾ, ತಾಲೂಕು ಪಂಚಾಯಿತಿ ಚುನಾವಣೆಗಳಿಗೆ ಸಿದ್ಧರಾಗಿ ಎಂದು ಕರೆ ನೀಡಿದರು. ರಾಜ್ಯದಲ್ಲಿ ಪಕ್ಷವನ್ನು ಬಲಗೊಳಿಸಲು ಪ್ರವಾಸವನ್ನು 58 ದಿನಗಳಲ್ಲಿ 116 ಕ್ಷೇತ್ರಗಳ ಪ್ರವಾಸ ಮಾಡಲಾಗುತ್ತದೆ. ಮುಂದಿನ ದಿನಗಳಲ್ಲಿ ರಾಜ್ಯ ಸರ್ಕಾರದ ಹಗರಣ, ಭ್ರಷ್ಟಾಚಾರ, ಜನವಿರೋಧಿ ನೀತಿಗಳ ವಿರುದ್ಧ ಹೋರಾಟ ನಡೆಸಲಾಗುವುದು. ತುಮಕೂರು ಜಿಲ್ಲೆಯಲ್ಲಿ ಜೆಡಿಎಸ್ ಪಕ್ಷದ ಬಲಿಷ್ಠ ಕಾರ್ಯಕರ್ತರು ಶಾಸಕರನ್ನು ಆಯ್ಕೆ ಮಾಡಿ ಕಳುಹಿಸಬೇಕು. ರಾಜ್ಯದ ಜನರ ಸಮಸ್ಯೆಗಳ ಬಗ್ಗೆ ಧ್ವನಿ ಎತ್ತುವ ಕೆಲಸ ಮಾಡಲಾಗುವುದು ಎಂದರು.
ಮುಖ್ಯಮಂತ್ರಿಗಳು ಮಾಡಿದ್ದಾರೆ. ಕೇಂದ್ರ ಸಚಿವರಾದ ಮೇಲೆ ಆಂಧ್ರಪ್ರದೇಶದ ವಿಶಾಖಪಟ್ಟಣ ಜಿಲ್ಲೆಯ ಒಂದು ಉಕ್ಕು ಕೋಟ ಬಳಿ ಉಕ್ಕು ಕಾರ್ಖಾನೆಯನ್ನು ಉಳಿಸಿ 11 ಸಾವಿರ ಕಾರ್ಮಿಕರಿಗೆ ಉದ್ಯೋಗ ನೀಡಿ ಮತ್ತೆ ಜೀವನ ಕಟ್ಟಿಕೊಟ್ಟಿದ್ದಾರೆ. ಈಗ ರಾಜ್ಯದಲ್ಲಿ ಪಕ್ಷ ಕಟ್ಟಲು 58 ದಿನಗಳ ಕಾಲ 116 ಕ್ಷೇತ್ರಗಳಲ್ಲಿ ಪ್ರವಾಸ ಕೈಗೊಂಡಿದ್ದೇನೆ. ಕಾರ್ಯಕ್ರಮದಲ್ಲಿ ಮಾಜಿ ಶಾಸಕ ಪಿ.ಆರ್.ಸುಧಾಕರ ಲಾಲ್, ಜೆಡಿಎಸ್ ಜಿಲ್ಲಾಧ್ಯಕ್ಷ ಆರ್.ಸಿ.ಆಂಜಿನಪ್ಪ, ತಾಲೂಕು ಜೆಡಿಎಸ್ ಅಧ್ಯಕ್ಷ ಕಾಮರಾಜು, ಕುಮಾರ್ ಸೇರಿದಂತೆ ಹಲವರು ಇದ್ದರು.
ನೂರಾರು ಜೆಡಿಎಸ್ ಪಕ್ಷದ ಕಾರ್ಯಕರ್ತರು ಪಟ್ಟಣದ ಪ್ರಮುಖ ರಸ್ತೆಯಲ್ಲಿ ಬೈಕ್ ರ‍್ಯಾಲಿ ನಡೆಸಿದರು. ಕಾರ್ಯಕ್ರಮದಲ್ಲಿ ವಿಧಾನ ಪರಿಷತ್ ಸದಸ್ಯ ತಿಪ್ಪೇಸ್ವಾಮಿ, ಮಾಜಿ ಶಾಸಕ ತಿಮ್ಮರಾಯಪ್ಪ, ಜೆಡಿಎಸ್ ಜಿಲ್ಲಾಧ್ಯಕ್ಷ ಆರ್.ಸಿ.ಆಂಜಿನಪ್ಪ, ತಾಲೂಕು ಜೆಡಿಎಸ್ ಅಧ್ಯಕ್ಷ ಕಾಮರಾಜು, ಕುಮಾರ್ ನಿರ್ದೇಶಕ ಸಿದ್ದಗಂಗಯ್ಯ, ಮಾಜಿ ಜಿ.ಪಂ. ಅಧ್ಯಕ್ಷ ಶಿವರಾಮಯ್ಯ, ಪ.ಪಂ.ಸದಸ್ಯ ಲಕ್ಷ್ಮೀನಾರಾಯಣ, ಯುವ ಅಧ್ಯಕ್ಷ ವೆಂಕಟೇಶ್, ಮುಖಂಡರಾದ ನರಸಿಂಹಮೂರ್ತಿ, ಲಕ್ಷ್ಮಣ್, ಚಿಕ್ಕರಂಗಯ್ಯ, ಎಲ್.ವಿ. ಪ್ರಕಾಶ್, ಮಾವಿನಕೆರೆ ನಾಗರಾಜು, ಕೊಂಡಾರೆಡ್ಡಿ ವೆಂಕಟೇಶ್, ಅಶ್ವತ್ಥನಾರಾಯಣರಾಜು, ಸಿದ್ದೀಶ್, ದೀಪಕ್, ಸೇರಿದಂತೆ ಇತರರಿದ್ದರು.
ಖಾಸಗಿ ಟುಟೋರಿಯಲ್ : ಅನುಮತಿ ಕಡ್ಡಾಯ
ತುಮಕೂರು, ಜೂ.19– ದಿ ಕರ್ನಾಟಕ ಟುಟೋರಿಯಲ್ ಇನ್ಸಿಟ್ಯೂಷನ್ಸ್ ನಿಯಮಾವಳಿಯನ್ವಯ ಪ್ರಥಮ ಹಾಗೂ ದ್ವಿತೀಯ ಪಿಯುಸಿ ಪಠ್ಯಕ್ರಮಕ್ಕೆ ಸಂಬಂಧಿಸಿದಂತೆ ಖಾಸಗಿಯಾಗಿ ಟುಟೋರಿಯಲ್‌ಗಳನ್ನು ನಡೆಸುವವರು ಕಡ್ಡಾಯವಾಗಿ ಪದವಿ ಪೂರ್ವ ಶಿಕ್ಷಣ ಇಲಾಖೆಯ ಅನುಮತಿ ಪಡೆಯತಕ್ಕದ್ದು ಎಂದು ಶಾಲಾ ಶಿಕ್ಷಣ(ಪದವಿ ಪೂರ್ವ) ಇಲಾಖೆಯ ಉಪನಿರ್ದೇಶಕ ಡಾ. ಬಾಲಗುರುಮೂರ್ತಿ ತಿಳಿಸಿದ್ದಾರೆ. ಅನುಮತಿ ಪಡೆಯದೆ ಟುಟೋರಿ
ಯಲ್‌ಗಳನ್ನು ನಡೆಸುವ ಯಾವುದೇ ವ್ಯಕ್ತಿ ಅಥವಾ ಸಂಸ್ಥೆಗಳ ಮೇಲೆ ಕಾನೂನು ಕ್ರಮವನ್ನು ಜರುಗಿಸಲಾಗುವುದು. ಈವರೆಗೂ ಅನುಮತಿ ಪಡೆಯದೇ ಇರುವ ಟುಟೋರಿಯಲ್‌ಗಳು ಜೂನ್ 25 ರೊಳಗಾಗಿ ನೋಂದಣಿ ಮಾಡಿಸುವುದು ಕಡ್ಡಾಯ. ಹೆಚ್ಚಿನ ಮಾಹಿತಿಗಾಗಿ ನಗರದ ಟೌನ್‌ಹಾಲ್ ವೃತ್ತದ ಬಳಿ ಜಿಲ್ಲಾ ಕೇಂದ್ರ ಗ್ರಂಥಾಲಯ ಆವರಣದಲ್ಲಿರುವ ಶಾಲಾ ಶಿಕ್ಷಣ ಇಲಾಖೆ(ಪದವಿ ಪೂರ್ವ) ಉಪ ನಿರ್ದೇಶಕರ ಕಚೇರಿಯನ್ನು ಸಂಪರ್ಕಿಸಬೇಕೆಂದು ಅವರು ತಿಳಿಸಿದ್ದಾರೆ.
ನಿರೀಕ್ಷಿಸಿ
ಭಾರತ ದೇಶವು ವಿಶ್ವದಲ್ಲೆ ಅತಿ ದೊಡ್ಡ ಪ್ರಜಾಪ್ರಭುತ್ವ ಮತ್ತು ಲಿಖಿತ ಸಂವಿಧಾನವನ್ನು ಹೊಂದಿರುವ ದೇಶವಾಗಿದೆ. ನಮ್ಮ ದೇಶದ ಸಂವಿಧಾನದ ಕುರಿತು ಜನಸಾಮಾನ್ಯರಿಗೆ ಅರಿವು ಮೂಡಿಸಲು ಮತ್ತು ವಿದ್ಯಾರ್ಥಿಗಳಿಗೆ ಸ್ವರ್ಧಾತ್ಮಕ ಪರೀಕ್ಷೆಗಳಿಗೆ ಅನುಕೂಲವಾಗುವ ನಿಟ್ಟಿನಲ್ಲಿ ಭಾರತದ ಸಂವಿಧಾನವು ಪ್ರಸ್ತುತ 470 ವಿಧಿಗಳನ್ನು 12 ಅಧಿಸೂಚಿಗಳು 25 ಭಾಗಗಳನ್ನು ಹೊಂದಿದ್ದು ಇಲ್ಲಿಯವರೆಗೂ ಸುಮಾರು 106 ಬಾರಿ ತಿದ್ದುಪಡಿ ಮಾಡಲಾಗಿದೆ. ಈ ಎಲ್ಲಾ ವಿಷಯಗಳು ಕುರಿತು ಪ್ರತಿದಿನ ಸರಣಿ ರೂಪದಲ್ಲಿ ಅಮೃತವಾಣಿ ಪತ್ರಿಕೆಯಲ್ಲಿ ಸರ್ವರಿಗೂ ಸರಳವಾದ ಭಾಷೆಯಲ್ಲಿ ಅರ್ಥೈಸುವ ಕೆಲಸ ಮಾಡಬೇಕಾಗಿರುವುದರಿಂದ ಶೀಘ್ರದಲ್ಲೇ ವಿಶೇಷ ಲೇಖನಗಳನ್ನು ಪ್ರಕಟಿಸಲಾಗುವುದು.
– ಸಂಪಾದಕರು
